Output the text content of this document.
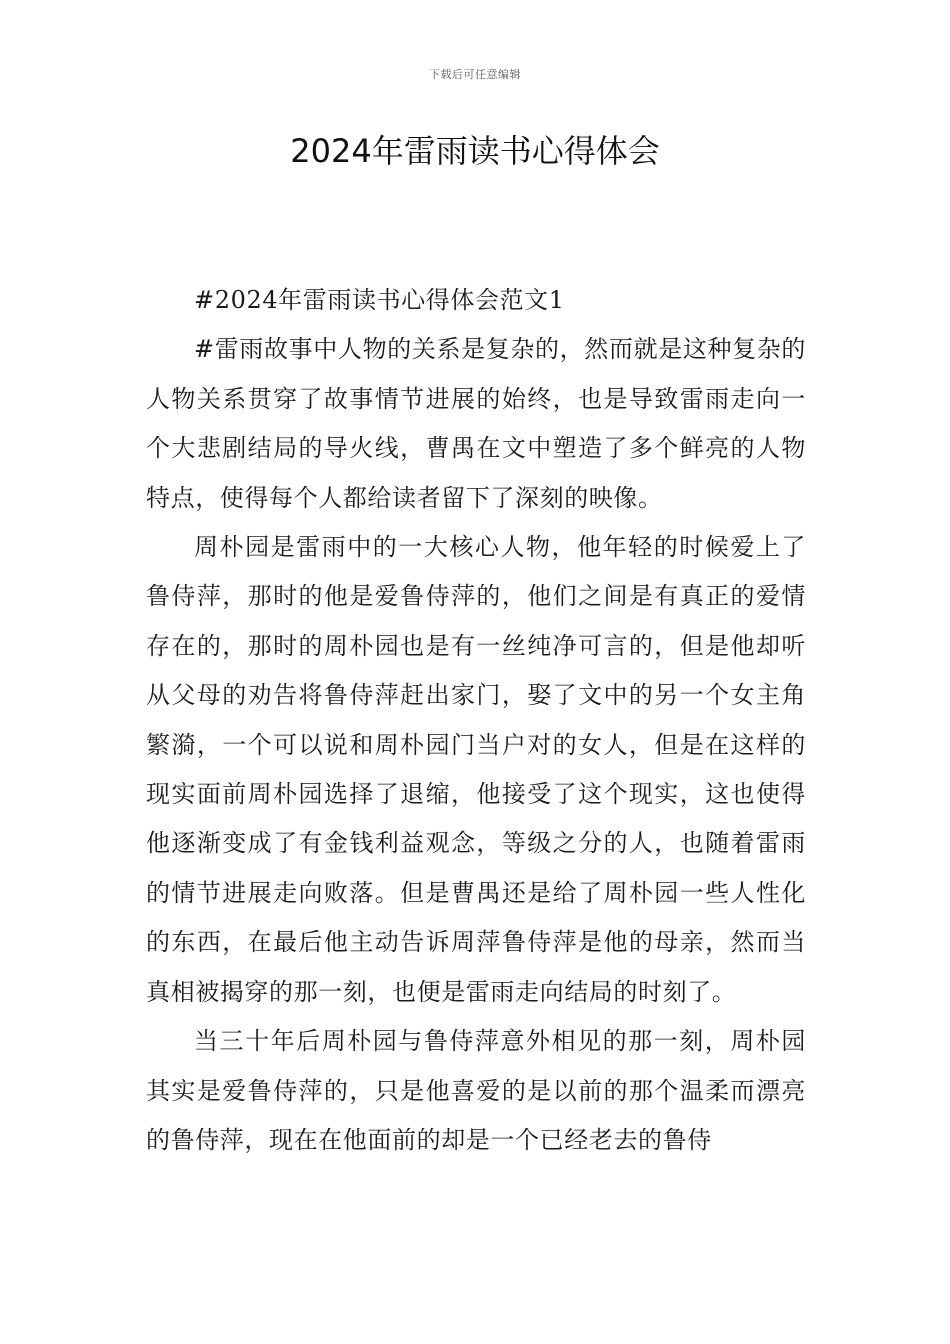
下载后可任意编辑
2024年雷雨读书心得体会

#2024年雷雨读书心得体会范文1

#雷雨故事中人物的关系是复杂的，然而就是这种复杂的人物关系贯穿了故事情节进展的始终，也是导致雷雨走向一个大悲剧结局的导火线，曹禺在文中塑造了多个鲜亮的人物特点，使得每个人都给读者留下了深刻的映像。

周朴园是雷雨中的一大核心人物，他年轻的时候爱上了鲁侍萍，那时的他是爱鲁侍萍的，他们之间是有真正的爱情存在的，那时的周朴园也是有一丝纯净可言的，但是他却听从父母的劝告将鲁侍萍赶出家门，娶了文中的另一个女主角繁漪，一个可以说和周朴园门当户对的女人，但是在这样的现实面前周朴园选择了退缩，他接受了这个现实，这也使得他逐渐变成了有金钱利益观念，等级之分的人，也随着雷雨的情节进展走向败落。但是曹禺还是给了周朴园一些人性化的东西，在最后他主动告诉周萍鲁侍萍是他的母亲，然而当真相被揭穿的那一刻，也便是雷雨走向结局的时刻了。

当三十年后周朴园与鲁侍萍意外相见的那一刻，周朴园其实是爱鲁侍萍的，只是他喜爱的是以前的那个温柔而漂亮的鲁侍萍，现在在他面前的却是一个已经老去的鲁侍
